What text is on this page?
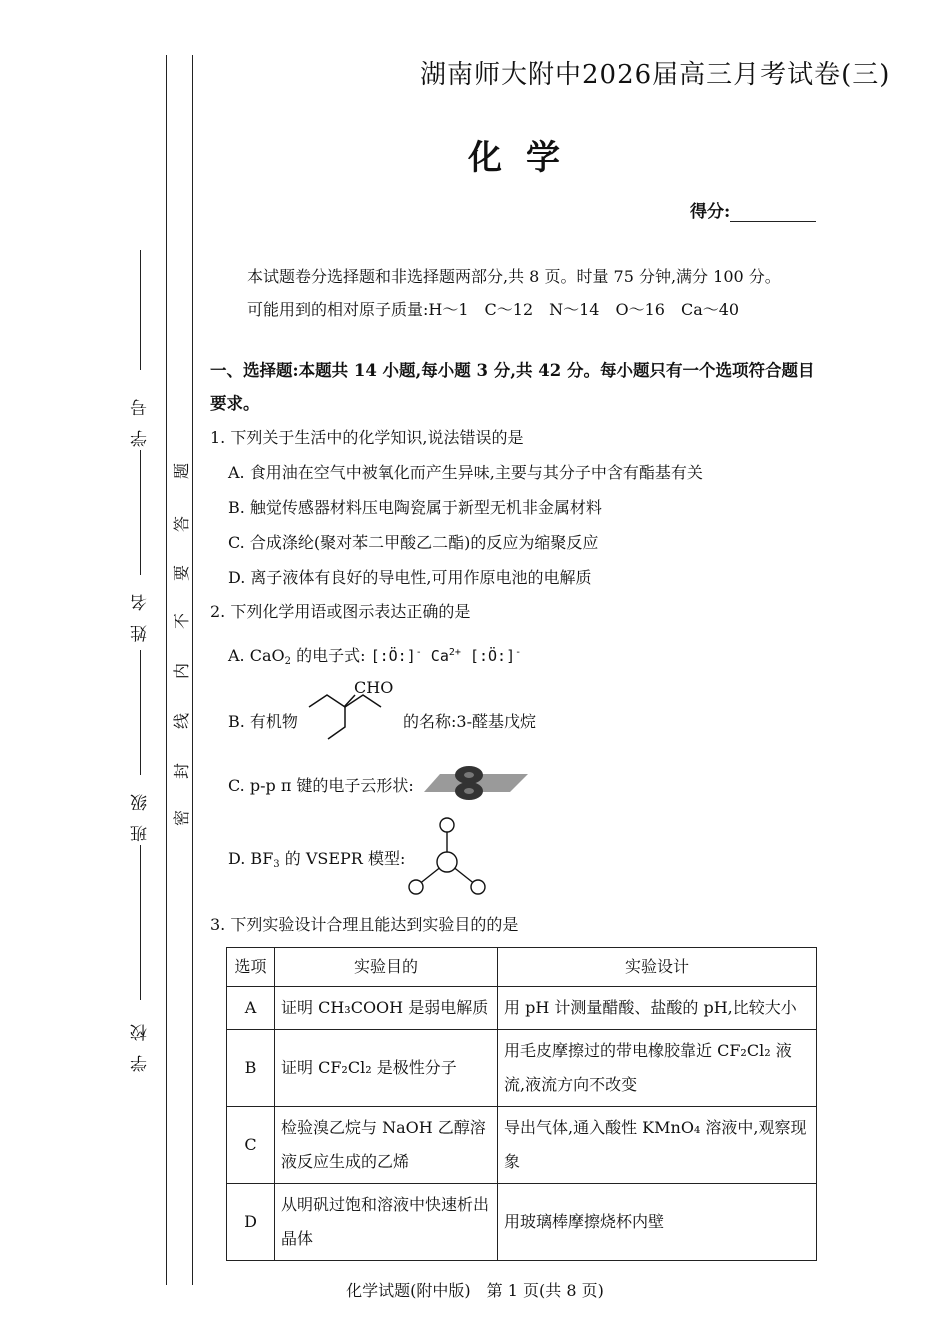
学号
姓名
班级
学校
题
答
要
不
内
线
封
密
湖南师大附中2026届高三月考试卷(三)
化学
得分:
本试题卷分选择题和非选择题两部分,共 8 页。时量 75 分钟,满分 100 分。
可能用到的相对原子质量:H～1　C～12　N～14　O～16　Ca～40
一、选择题:本题共 14 小题,每小题 3 分,共 42 分。每小题只有一个选项符合题目要求。
1. 下列关于生活中的化学知识,说法错误的是
A. 食用油在空气中被氧化而产生异味,主要与其分子中含有酯基有关
B. 触觉传感器材料压电陶瓷属于新型无机非金属材料
C. 合成涤纶(聚对苯二甲酸乙二酯)的反应为缩聚反应
D. 离子液体有良好的导电性,可用作原电池的电解质
2. 下列化学用语或图示表达正确的是
A. CaO$_2$ 的电子式: [:Ö:]- $Ca^{2+}$ [:Ö:]-
B. 有机物
CHO
的名称:3-醛基戊烷
C. p-p π 键的电子云形状:
D. $BF_3$ 的 VSEPR 模型:
3. 下列实验设计合理且能达到实验目的的是
选项	实验目的	实验设计
A	证明 CH₃COOH 是弱电解质	用 pH 计测量醋酸、盐酸的 pH,比较大小
B	证明 CF₂Cl₂ 是极性分子	用毛皮摩擦过的带电橡胶靠近 CF₂Cl₂ 液流,液流方向不改变
C	检验溴乙烷与 NaOH 乙醇溶液反应生成的乙烯	导出气体,通入酸性 KMnO₄ 溶液中,观察现象
D	从明矾过饱和溶液中快速析出晶体	用玻璃棒摩擦烧杯内壁
化学试题(附中版)　第 1 页(共 8 页)
